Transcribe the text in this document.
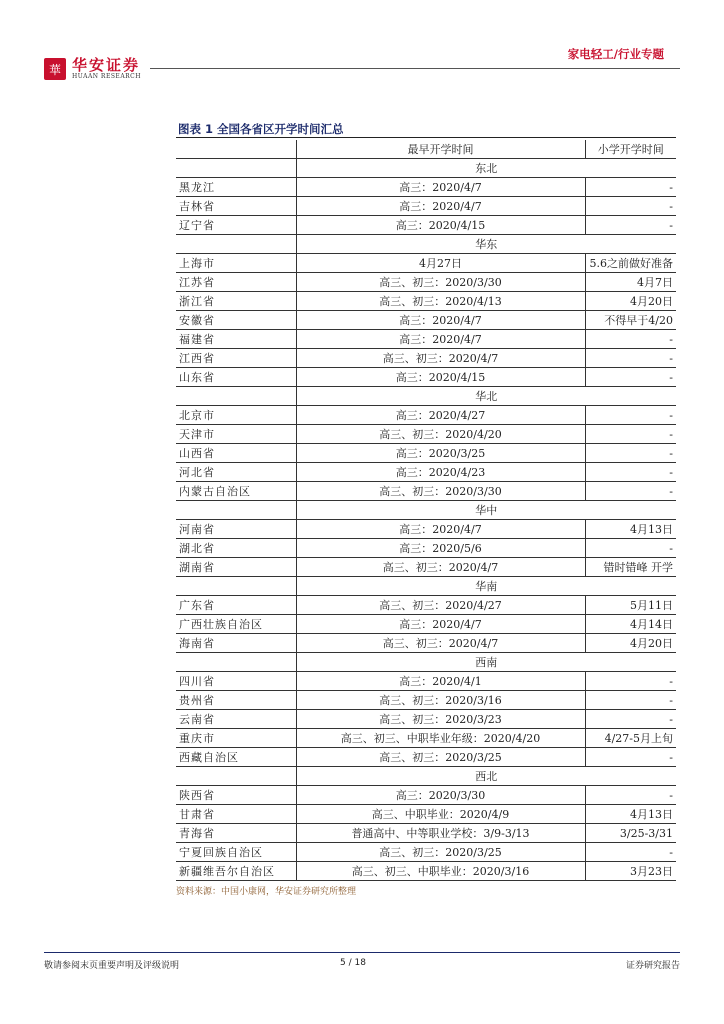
華 华安证券
HUAAN RESEARCH
家电轻工/行业专题
图表 1 全国各省区开学时间汇总
	最早开学时间	小学开学时间
	东北	
黑龙江	高三：2020/4/7	-
吉林省	高三：2020/4/7	-
辽宁省	高三：2020/4/15	-
	华东	
上海市	4月27日	5.6之前做好准备
江苏省	高三、初三：2020/3/30	4月7日
浙江省	高三、初三：2020/4/13	4月20日
安徽省	高三：2020/4/7	不得早于4/20
福建省	高三：2020/4/7	-
江西省	高三、初三：2020/4/7	-
山东省	高三：2020/4/15	-
	华北	
北京市	高三：2020/4/27	-
天津市	高三、初三：2020/4/20	-
山西省	高三：2020/3/25	-
河北省	高三：2020/4/23	-
内蒙古自治区	高三、初三：2020/3/30	-
	华中	
河南省	高三：2020/4/7	4月13日
湖北省	高三：2020/5/6	-
湖南省	高三、初三：2020/4/7	错时错峰 开学
	华南	
广东省	高三、初三：2020/4/27	5月11日
广西壮族自治区	高三：2020/4/7	4月14日
海南省	高三、初三：2020/4/7	4月20日
	西南	
四川省	高三：2020/4/1	-
贵州省	高三、初三：2020/3/16	-
云南省	高三、初三：2020/3/23	-
重庆市	高三、初三、中职毕业年级：2020/4/20	4/27-5月上旬
西藏自治区	高三、初三：2020/3/25	-
	西北	
陕西省	高三：2020/3/30	-
甘肃省	高三、中职毕业：2020/4/9	4月13日
青海省	普通高中、中等职业学校：3/9-3/13	3/25-3/31
宁夏回族自治区	高三、初三：2020/3/25	-
新疆维吾尔自治区	高三、初三、中职毕业：2020/3/16	3月23日
资料来源：中国小康网，华安证券研究所整理
敬请参阅末页重要声明及评级说明	5 / 18	证券研究报告
